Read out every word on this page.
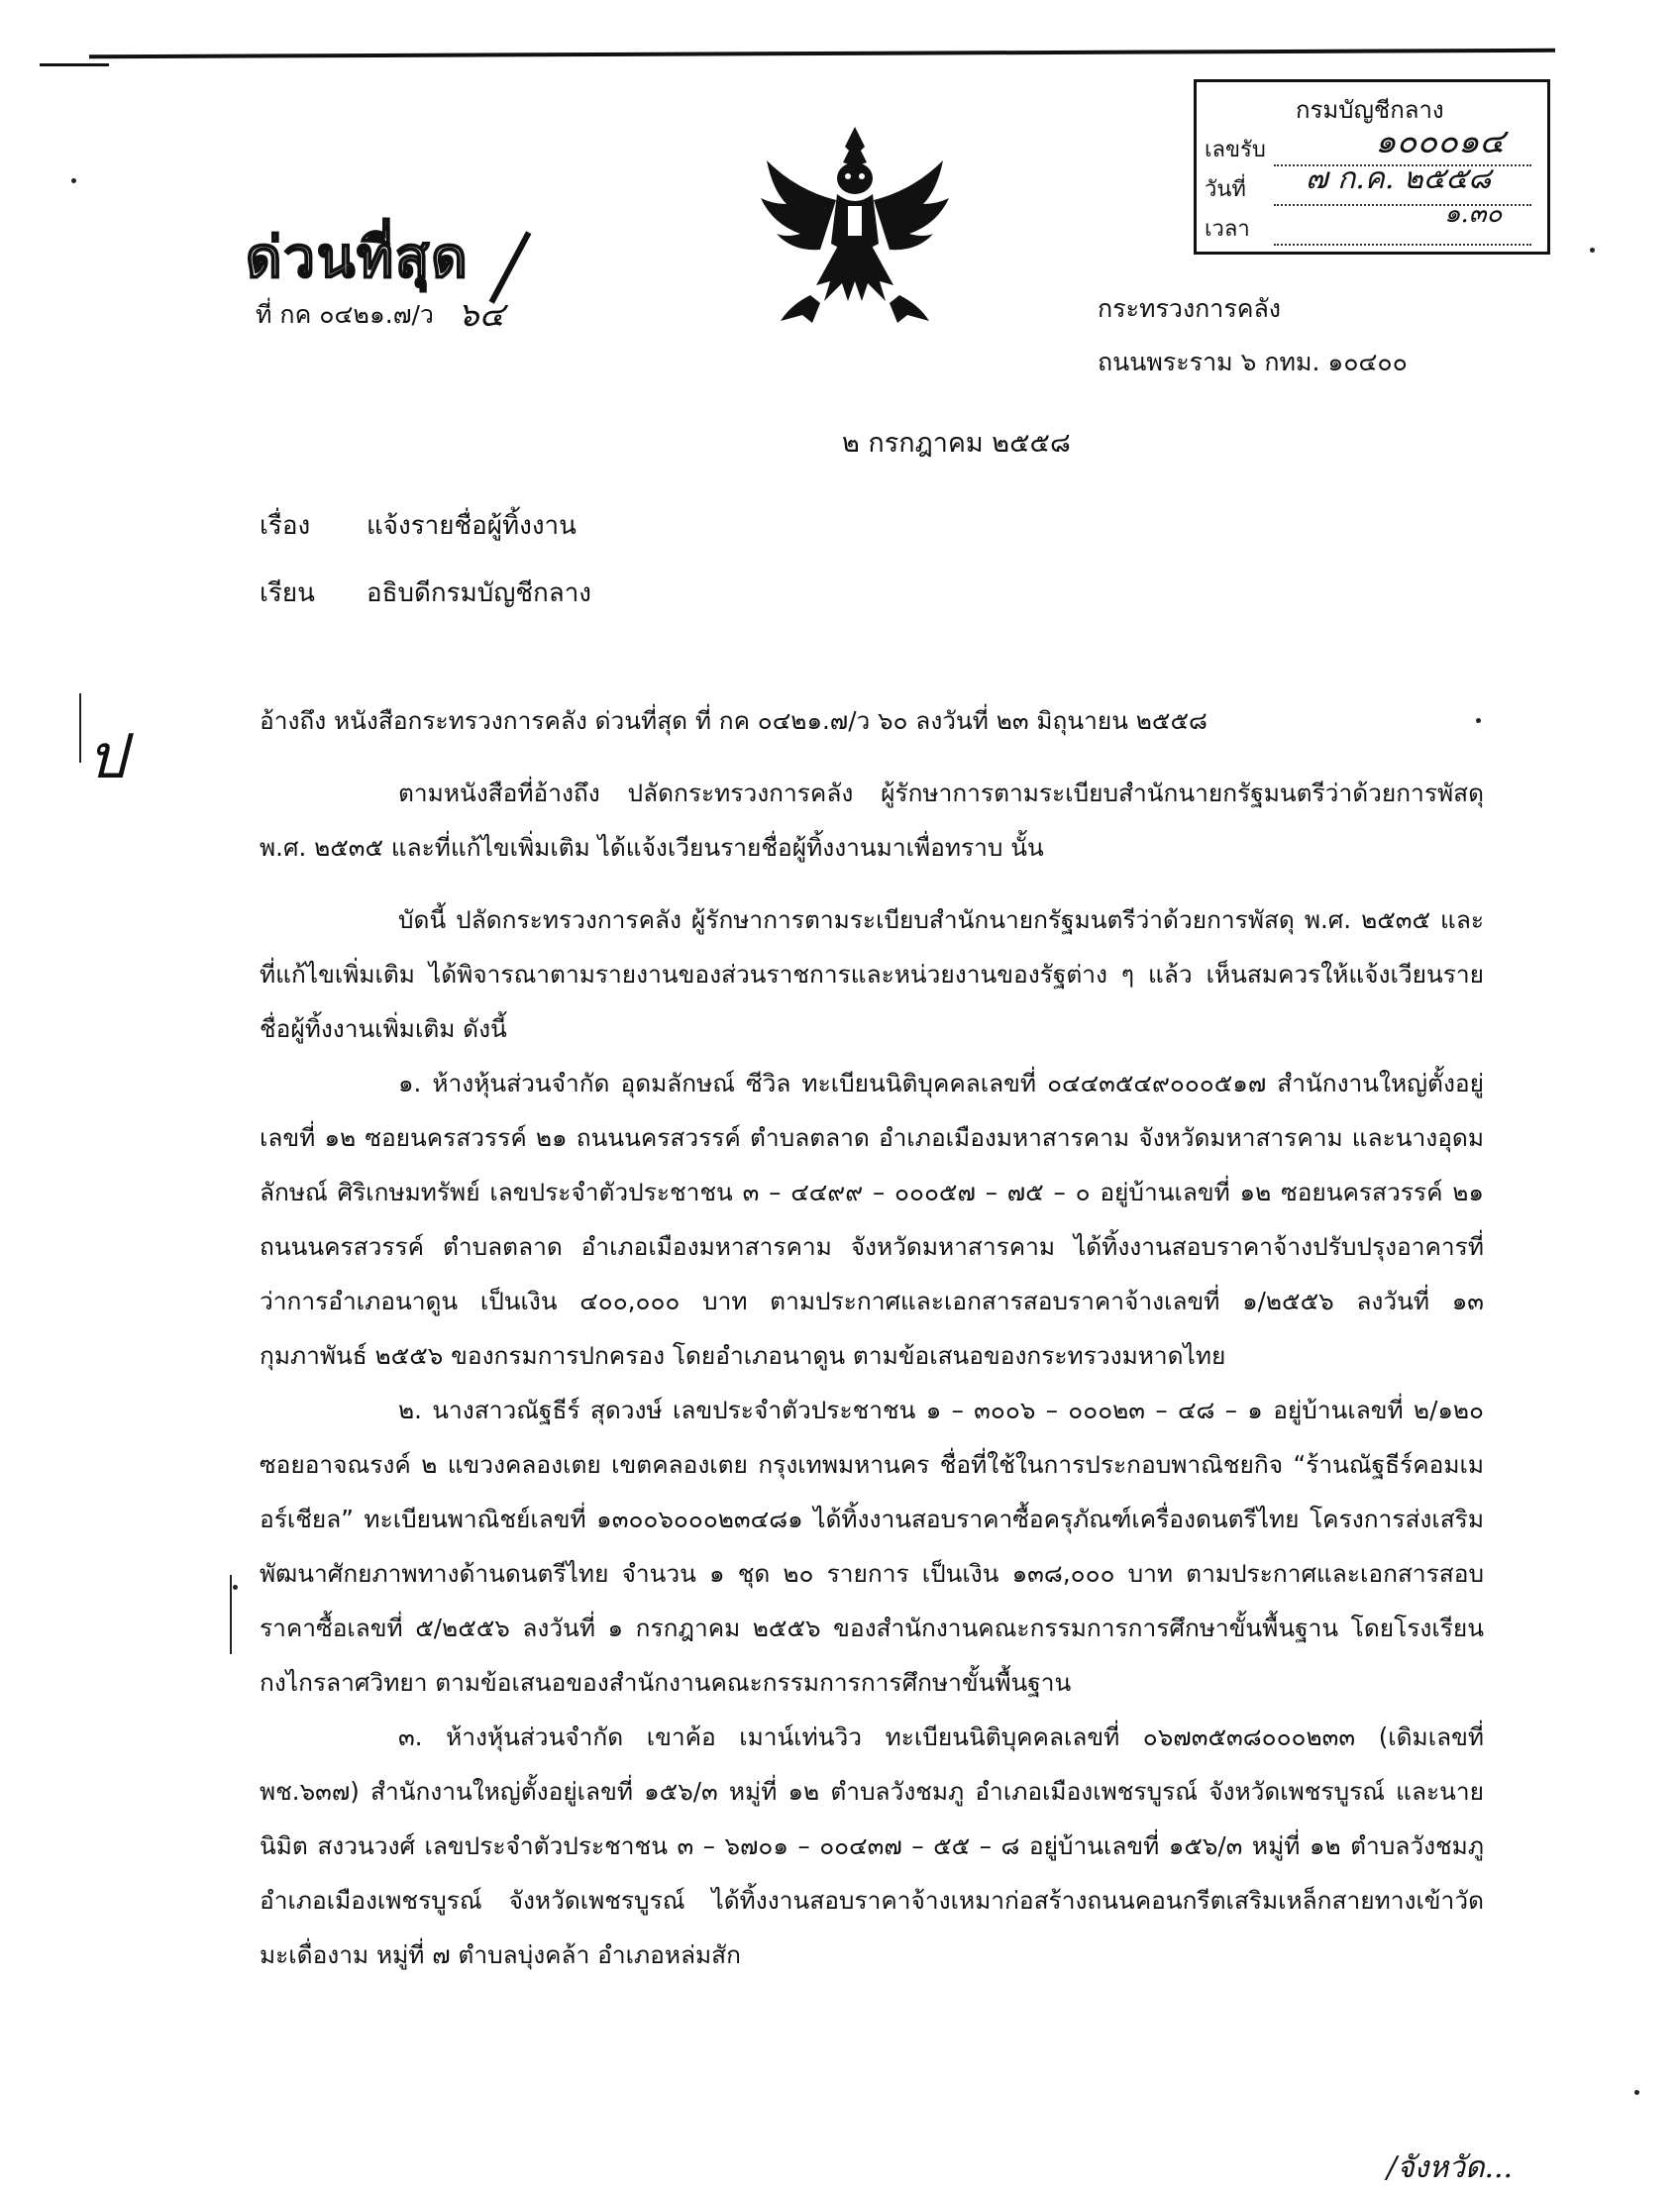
กรมบัญชีกลาง
เลขรับ
วันที่
เวลา
๑๐๐๐๑๔
๗ ก.ค. ๒๕๕๘
๑.๓๐
ด่วนที่สุด
ที่ กค ๐๔๒๑.๗/ว ๖๔	กระทรวงการคลัง
ถนนพระราม ๖ กทม. ๑๐๔๐๐
๒ กรกฎาคม ๒๕๕๘
เรื่อง แจ้งรายชื่อผู้ทิ้งงาน
เรียน อธิบดีกรมบัญชีกลาง
ป	อ้างถึง หนังสือกระทรวงการคลัง ด่วนที่สุด ที่ กค ๐๔๒๑.๗/ว ๖๐ ลงวันที่ ๒๓ มิถุนายน ๒๕๕๘

ตามหนังสือที่อ้างถึง ปลัดกระทรวงการคลัง ผู้รักษาการตามระเบียบสำนักนายกรัฐมนตรีว่าด้วยการพัสดุ พ.ศ. ๒๕๓๕ และที่แก้ไขเพิ่มเติม ได้แจ้งเวียนรายชื่อผู้ทิ้งงานมาเพื่อทราบ นั้น

บัดนี้ ปลัดกระทรวงการคลัง ผู้รักษาการตามระเบียบสำนักนายกรัฐมนตรีว่าด้วยการพัสดุ พ.ศ. ๒๕๓๕ และที่แก้ไขเพิ่มเติม ได้พิจารณาตามรายงานของส่วนราชการและหน่วยงานของรัฐต่าง ๆ แล้ว เห็นสมควรให้แจ้งเวียนรายชื่อผู้ทิ้งงานเพิ่มเติม ดังนี้

๑. ห้างหุ้นส่วนจำกัด อุดมลักษณ์ ซีวิล ทะเบียนนิติบุคคลเลขที่ ๐๔๔๓๕๔๙๐๐๐๕๑๗ สำนักงานใหญ่ตั้งอยู่เลขที่ ๑๒ ซอยนครสวรรค์ ๒๑ ถนนนครสวรรค์ ตำบลตลาด อำเภอเมืองมหาสารคาม จังหวัดมหาสารคาม และนางอุดมลักษณ์ ศิริเกษมทรัพย์ เลขประจำตัวประชาชน ๓ – ๔๔๙๙ – ๐๐๐๕๗ – ๗๕ – ๐ อยู่บ้านเลขที่ ๑๒ ซอยนครสวรรค์ ๒๑ ถนนนครสวรรค์ ตำบลตลาด อำเภอเมืองมหาสารคาม จังหวัดมหาสารคาม ได้ทิ้งงานสอบราคาจ้างปรับปรุงอาคารที่ว่าการอำเภอนาดูน เป็นเงิน ๔๐๐,๐๐๐ บาท ตามประกาศและเอกสารสอบราคาจ้างเลขที่ ๑/๒๕๕๖ ลงวันที่ ๑๓ กุมภาพันธ์ ๒๕๕๖ ของกรมการปกครอง โดยอำเภอนาดูน ตามข้อเสนอของกระทรวงมหาดไทย

๒. นางสาวณัฐธีร์ สุดวงษ์ เลขประจำตัวประชาชน ๑ – ๓๐๐๖ – ๐๐๐๒๓ – ๔๘ – ๑ อยู่บ้านเลขที่ ๒/๑๒๐ ซอยอาจณรงค์ ๒ แขวงคลองเตย เขตคลองเตย กรุงเทพมหานคร ชื่อที่ใช้ในการประกอบพาณิชยกิจ “ร้านณัฐธีร์คอมเมอร์เชียล” ทะเบียนพาณิชย์เลขที่ ๑๓๐๐๖๐๐๐๒๓๔๘๑ ได้ทิ้งงานสอบราคาซื้อครุภัณฑ์เครื่องดนตรีไทย โครงการส่งเสริมพัฒนาศักยภาพทางด้านดนตรีไทย จำนวน ๑ ชุด ๒๐ รายการ เป็นเงิน ๑๓๘,๐๐๐ บาท ตามประกาศและเอกสารสอบราคาซื้อเลขที่ ๕/๒๕๕๖ ลงวันที่ ๑ กรกฎาคม ๒๕๕๖ ของสำนักงานคณะกรรมการการศึกษาขั้นพื้นฐาน โดยโรงเรียนกงไกรลาศวิทยา ตามข้อเสนอของสำนักงานคณะกรรมการการศึกษาขั้นพื้นฐาน

๓. ห้างหุ้นส่วนจำกัด เขาค้อ เมาน์เท่นวิว ทะเบียนนิติบุคคลเลขที่ ๐๖๗๓๕๓๘๐๐๐๒๓๓ (เดิมเลขที่ พช.๖๓๗) สำนักงานใหญ่ตั้งอยู่เลขที่ ๑๕๖/๓ หมู่ที่ ๑๒ ตำบลวังชมภู อำเภอเมืองเพชรบูรณ์ จังหวัดเพชรบูรณ์ และนายนิมิต สงวนวงศ์ เลขประจำตัวประชาชน ๓ – ๖๗๐๑ – ๐๐๔๓๗ – ๕๕ – ๘ อยู่บ้านเลขที่ ๑๕๖/๓ หมู่ที่ ๑๒ ตำบลวังชมภู อำเภอเมืองเพชรบูรณ์ จังหวัดเพชรบูรณ์ ได้ทิ้งงานสอบราคาจ้างเหมาก่อสร้างถนนคอนกรีตเสริมเหล็กสายทางเข้าวัดมะเดื่องาม หมู่ที่ ๗ ตำบลบุ่งคล้า อำเภอหล่มสัก

/จังหวัด...
